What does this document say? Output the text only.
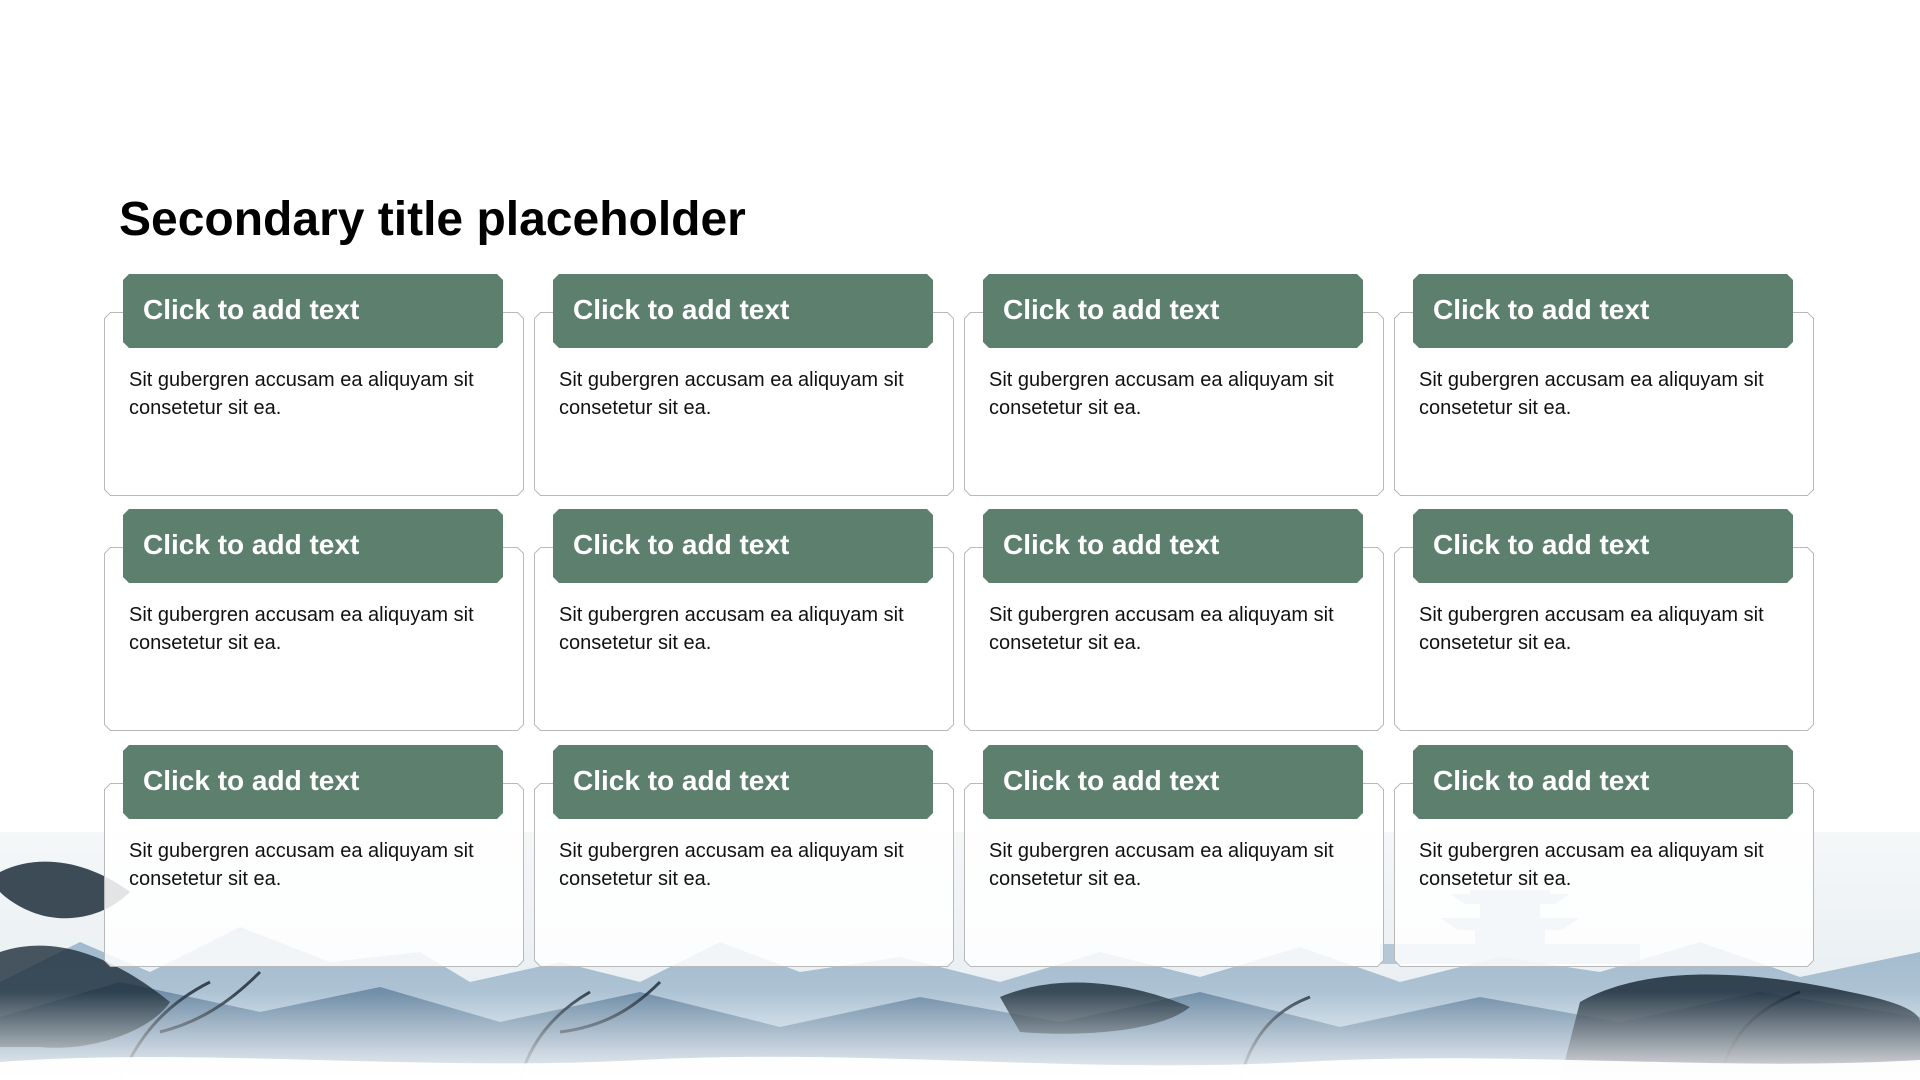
Secondary title placeholder
Click to add text

Sit gubergren accusam ea aliquyam sit consetetur sit ea.

Click to add text

Sit gubergren accusam ea aliquyam sit consetetur sit ea.

Click to add text

Sit gubergren accusam ea aliquyam sit consetetur sit ea.

Click to add text

Sit gubergren accusam ea aliquyam sit consetetur sit ea.

Click to add text

Sit gubergren accusam ea aliquyam sit consetetur sit ea.

Click to add text

Sit gubergren accusam ea aliquyam sit consetetur sit ea.

Click to add text

Sit gubergren accusam ea aliquyam sit consetetur sit ea.

Click to add text

Sit gubergren accusam ea aliquyam sit consetetur sit ea.

Click to add text

Sit gubergren accusam ea aliquyam sit consetetur sit ea.

Click to add text

Sit gubergren accusam ea aliquyam sit consetetur sit ea.

Click to add text

Sit gubergren accusam ea aliquyam sit consetetur sit ea.

Click to add text

Sit gubergren accusam ea aliquyam sit consetetur sit ea.
